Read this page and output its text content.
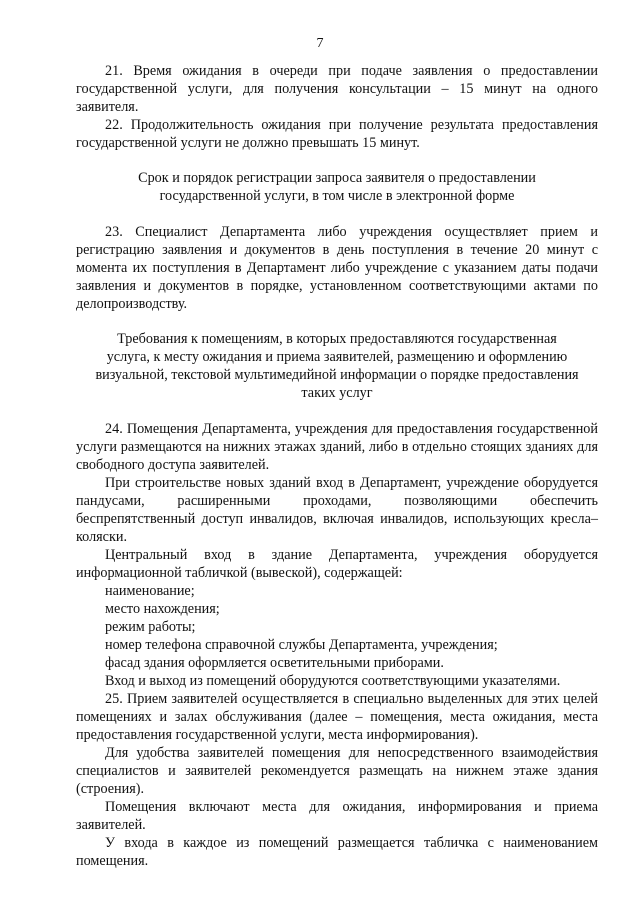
7

21. Время ожидания в очереди при подаче заявления о предоставлении государственной услуги, для получения консультации – 15 минут на одного заявителя.

22. Продолжительность ожидания при получение результата предоставления государственной услуги не должно превышать 15 минут.

Срок и порядок регистрации запроса заявителя о предоставлении

государственной услуги, в том числе в электронной форме

23. Специалист Департамента либо учреждения осуществляет прием и регистрацию заявления и документов в день поступления в течение 20 минут с момента их поступления в Департамент либо учреждение с указанием даты подачи заявления и документов в порядке, установленном соответствующими актами по делопроизводству.

Требования к помещениям, в которых предоставляются государственная

услуга, к месту ожидания и приема заявителей, размещению и оформлению

визуальной, текстовой мультимедийной информации о порядке предоставления

таких услуг

24. Помещения Департамента, учреждения для предоставления государственной услуги размещаются на нижних этажах зданий, либо в отдельно стоящих зданиях для свободного доступа заявителей.

При строительстве новых зданий вход в Департамент, учреждение оборудуется пандусами, расширенными проходами, позволяющими обеспечить беспрепятственный доступ инвалидов, включая инвалидов, использующих кресла–коляски.

Центральный вход в здание Департамента, учреждения оборудуется информационной табличкой (вывеской), содержащей:

наименование;

место нахождения;

режим работы;

номер телефона справочной службы Департамента, учреждения;

фасад здания оформляется осветительными приборами.

Вход и выход из помещений оборудуются соответствующими указателями.

25. Прием заявителей осуществляется в специально выделенных для этих целей помещениях и залах обслуживания (далее – помещения, места ожидания, места предоставления государственной услуги, места информирования).

Для удобства заявителей помещения для непосредственного взаимодействия специалистов и заявителей рекомендуется размещать на нижнем этаже здания (строения).

Помещения включают места для ожидания, информирования и приема заявителей.

У входа в каждое из помещений размещается табличка с наименованием помещения.
